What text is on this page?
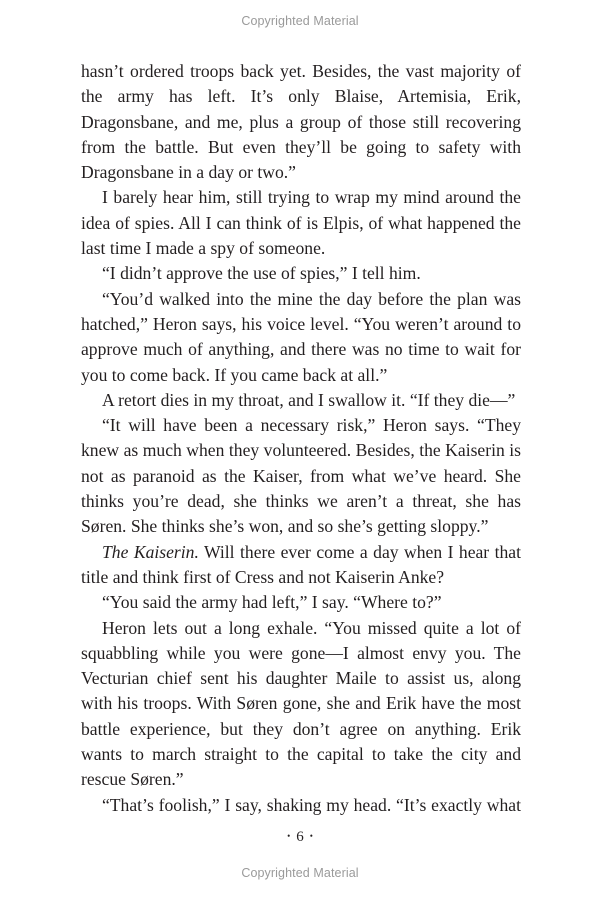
Copyrighted Material

hasn’t ordered troops back yet. Besides, the vast majority of the army has left. It’s only Blaise, Artemisia, Erik, Dragonsbane, and me, plus a group of those still recovering from the battle. But even they’ll be going to safety with Dragonsbane in a day or two.”

I barely hear him, still trying to wrap my mind around the idea of spies. All I can think of is Elpis, of what happened the last time I made a spy of someone.

“I didn’t approve the use of spies,” I tell him.

“You’d walked into the mine the day before the plan was hatched,” Heron says, his voice level. “You weren’t around to approve much of anything, and there was no time to wait for you to come back. If you came back at all.”

A retort dies in my throat, and I swallow it. “If they die—”

“It will have been a necessary risk,” Heron says. “They knew as much when they volunteered. Besides, the Kaiserin is not as paranoid as the Kaiser, from what we’ve heard. She thinks you’re dead, she thinks we aren’t a threat, she has Søren. She thinks she’s won, and so she’s getting sloppy.”

The Kaiserin. Will there ever come a day when I hear that title and think first of Cress and not Kaiserin Anke?

“You said the army had left,” I say. “Where to?”

Heron lets out a long exhale. “You missed quite a lot of squabbling while you were gone—I almost envy you. The Vecturian chief sent his daughter Maile to assist us, along with his troops. With Søren gone, she and Erik have the most battle experience, but they don’t agree on anything. Erik wants to march straight to the capital to take the city and rescue Søren.”

“That’s foolish,” I say, shaking my head. “It’s exactly what

• 6 •
Copyrighted Material
